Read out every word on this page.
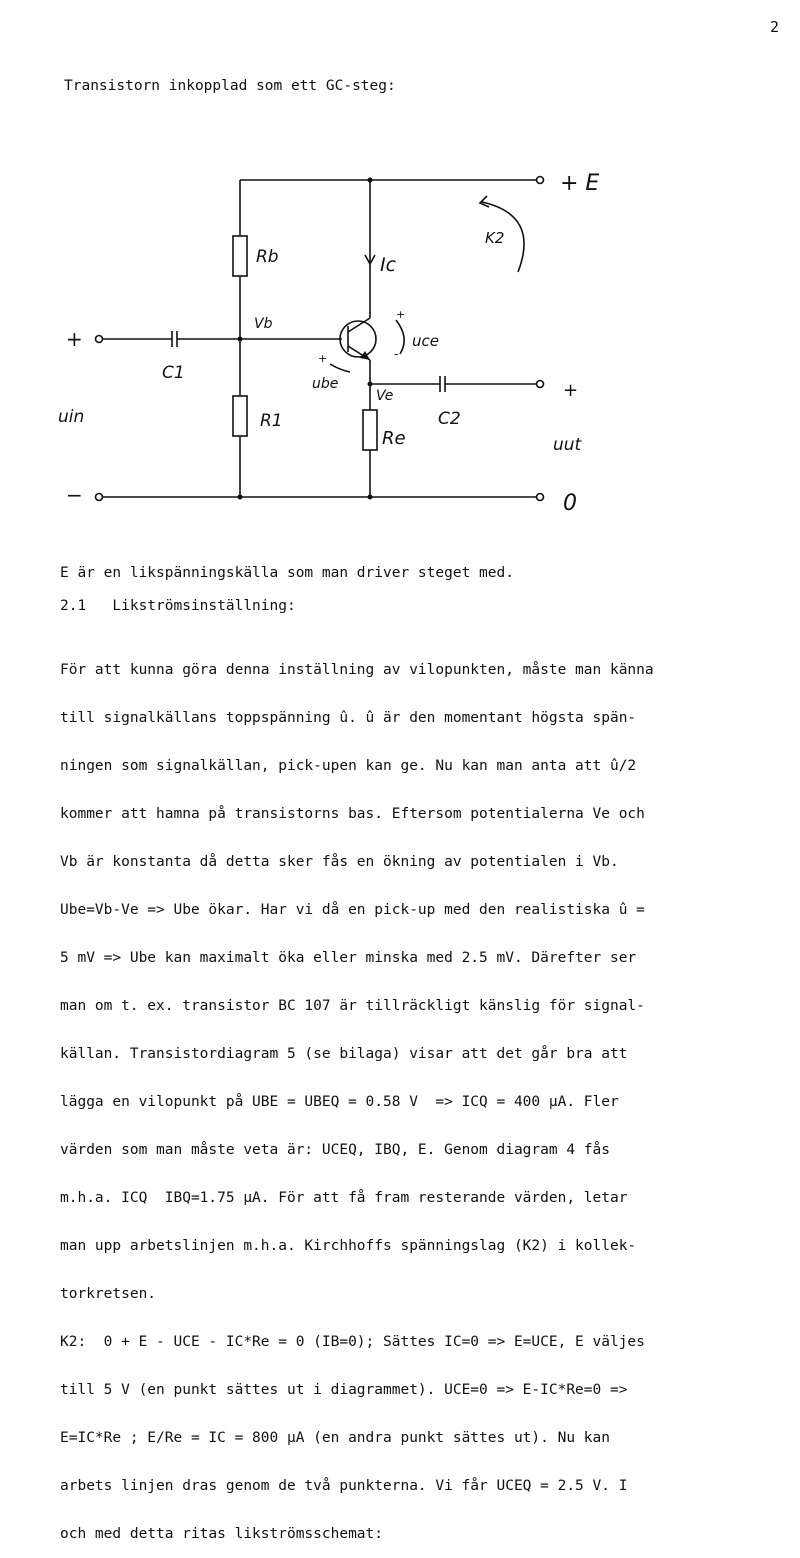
2
Transistorn inkopplad som ett GC-steg:
+ E
K2
Rb	Ic
Vb
+
−
C1
+
uce
-
+
ube
uin	R1
Ve
C2
+
Re	uut
0

E är en likspänningskälla som man driver steget med.

2.1   Likströmsinställning:

För att kunna göra denna inställning av vilopunkten, måste man känna

till signalkällans toppspänning û. û är den momentant högsta spän-

ningen som signalkällan, pick-upen kan ge. Nu kan man anta att û/2

kommer att hamna på transistorns bas. Eftersom potentialerna Ve och

Vb är konstanta då detta sker fås en ökning av potentialen i Vb.

Ube=Vb-Ve => Ube ökar. Har vi då en pick-up med den realistiska û =

5 mV => Ube kan maximalt öka eller minska med 2.5 mV. Därefter ser

man om t. ex. transistor BC 107 är tillräckligt känslig för signal-

källan. Transistordiagram 5 (se bilaga) visar att det går bra att

lägga en vilopunkt på UBE = UBEQ = 0.58 V  => ICQ = 400 µA. Fler

värden som man måste veta är: UCEQ, IBQ, E. Genom diagram 4 fås

m.h.a. ICQ  IBQ=1.75 µA. För att få fram resterande värden, letar

man upp arbetslinjen m.h.a. Kirchhoffs spänningslag (K2) i kollek-

torkretsen.

K2:  0 + E - UCE - IC*Re = 0 (IB=0); Sättes IC=0 => E=UCE, E väljes

till 5 V (en punkt sättes ut i diagrammet). UCE=0 => E-IC*Re=0 =>

E=IC*Re ; E/Re = IC = 800 µA (en andra punkt sättes ut). Nu kan

arbets linjen dras genom de två punkterna. Vi får UCEQ = 2.5 V. I

och med detta ritas likströmsschemat:
